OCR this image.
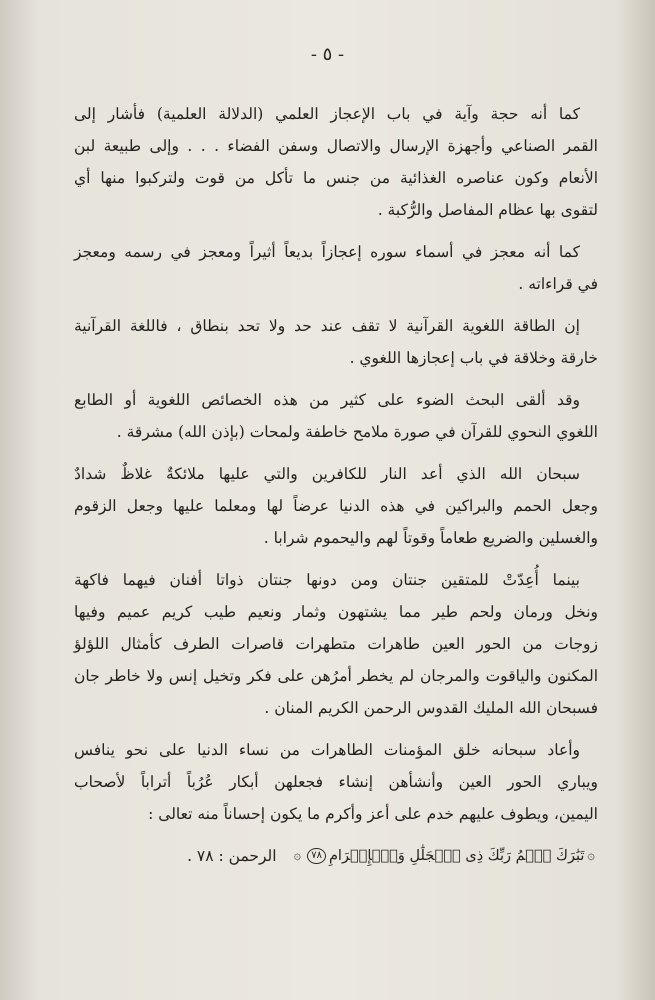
- ٥ -
كما أنه حجة وآية في باب الإعجاز العلمي (الدلالة العلمية) فأشار إلى
القمر الصناعي وأجهزة الإرسال والاتصال وسفن الفضاء . . . وإلى طبيعة لبن
الأنعام وكون عناصره الغذائية من جنس ما تأكل من قوت ولتركبوا منها أي
لتقوى بها عظام المفاصل والرُّكبة .
كما أنه معجز في أسماء سوره إعجازاً بديعاً أثيراً ومعجز في رسمه ومعجز
في قراءاته .
إن الطاقة اللغوية القرآنية لا تقف عند حد ولا تحد بنطاق ، فاللغة القرآنية
خارقة وخلاقة في باب إعجازها اللغوي .
وقد ألقى البحث الضوء على كثير من هذه الخصائص اللغوية أو الطابع
اللغوي النحوي للقرآن في صورة ملامح خاطفة ولمحات (بإذن الله) مشرقة .
سبحان الله الذي أعد النار للكافرين والتي عليها ملائكةٌ غلاظٌ شدادٌ
وجعل الحمم والبراكين في هذه الدنيا عرضاً لها ومعلما عليها وجعل الزقوم
والغسلين والضريع طعاماً وقوتاً لهم واليحموم شرابا .
بينما أُعِدّتْ للمتقين جنتان ومن دونها جنتان ذواتا أفنان فيهما فاكهة
ونخل ورمان ولحم طير مما يشتهون وثمار ونعيم طيب كريم عميم وفيها
زوجات من الحور العين طاهرات متطهرات قاصرات الطرف كأمثال اللؤلؤ
المكنون والياقوت والمرجان لم يخطر أمرُهن على فكر وتخيل إنس ولا خاطر جان
فسبحان الله المليك القدوس الرحمن الكريم المنان .
وأعاد سبحانه خلق المؤمنات الطاهرات من نساء الدنيا على نحو ينافس
ويباري الحور العين وأنشأهن إنشاء فجعلهن أبكار عُرُباً أتراباً لأصحاب
اليمين، ويطوف عليهم خدم على أعز وأكرم ما يكون إحساناً منه تعالى :
۞
تَبَٰرَكَ ٱسۡمُ رَبِّكَ ذِى ٱلۡجَلَٰلِ وَٱلۡإِكۡرَامِ
٧٨
۞
الرحمن : ٧٨ .
